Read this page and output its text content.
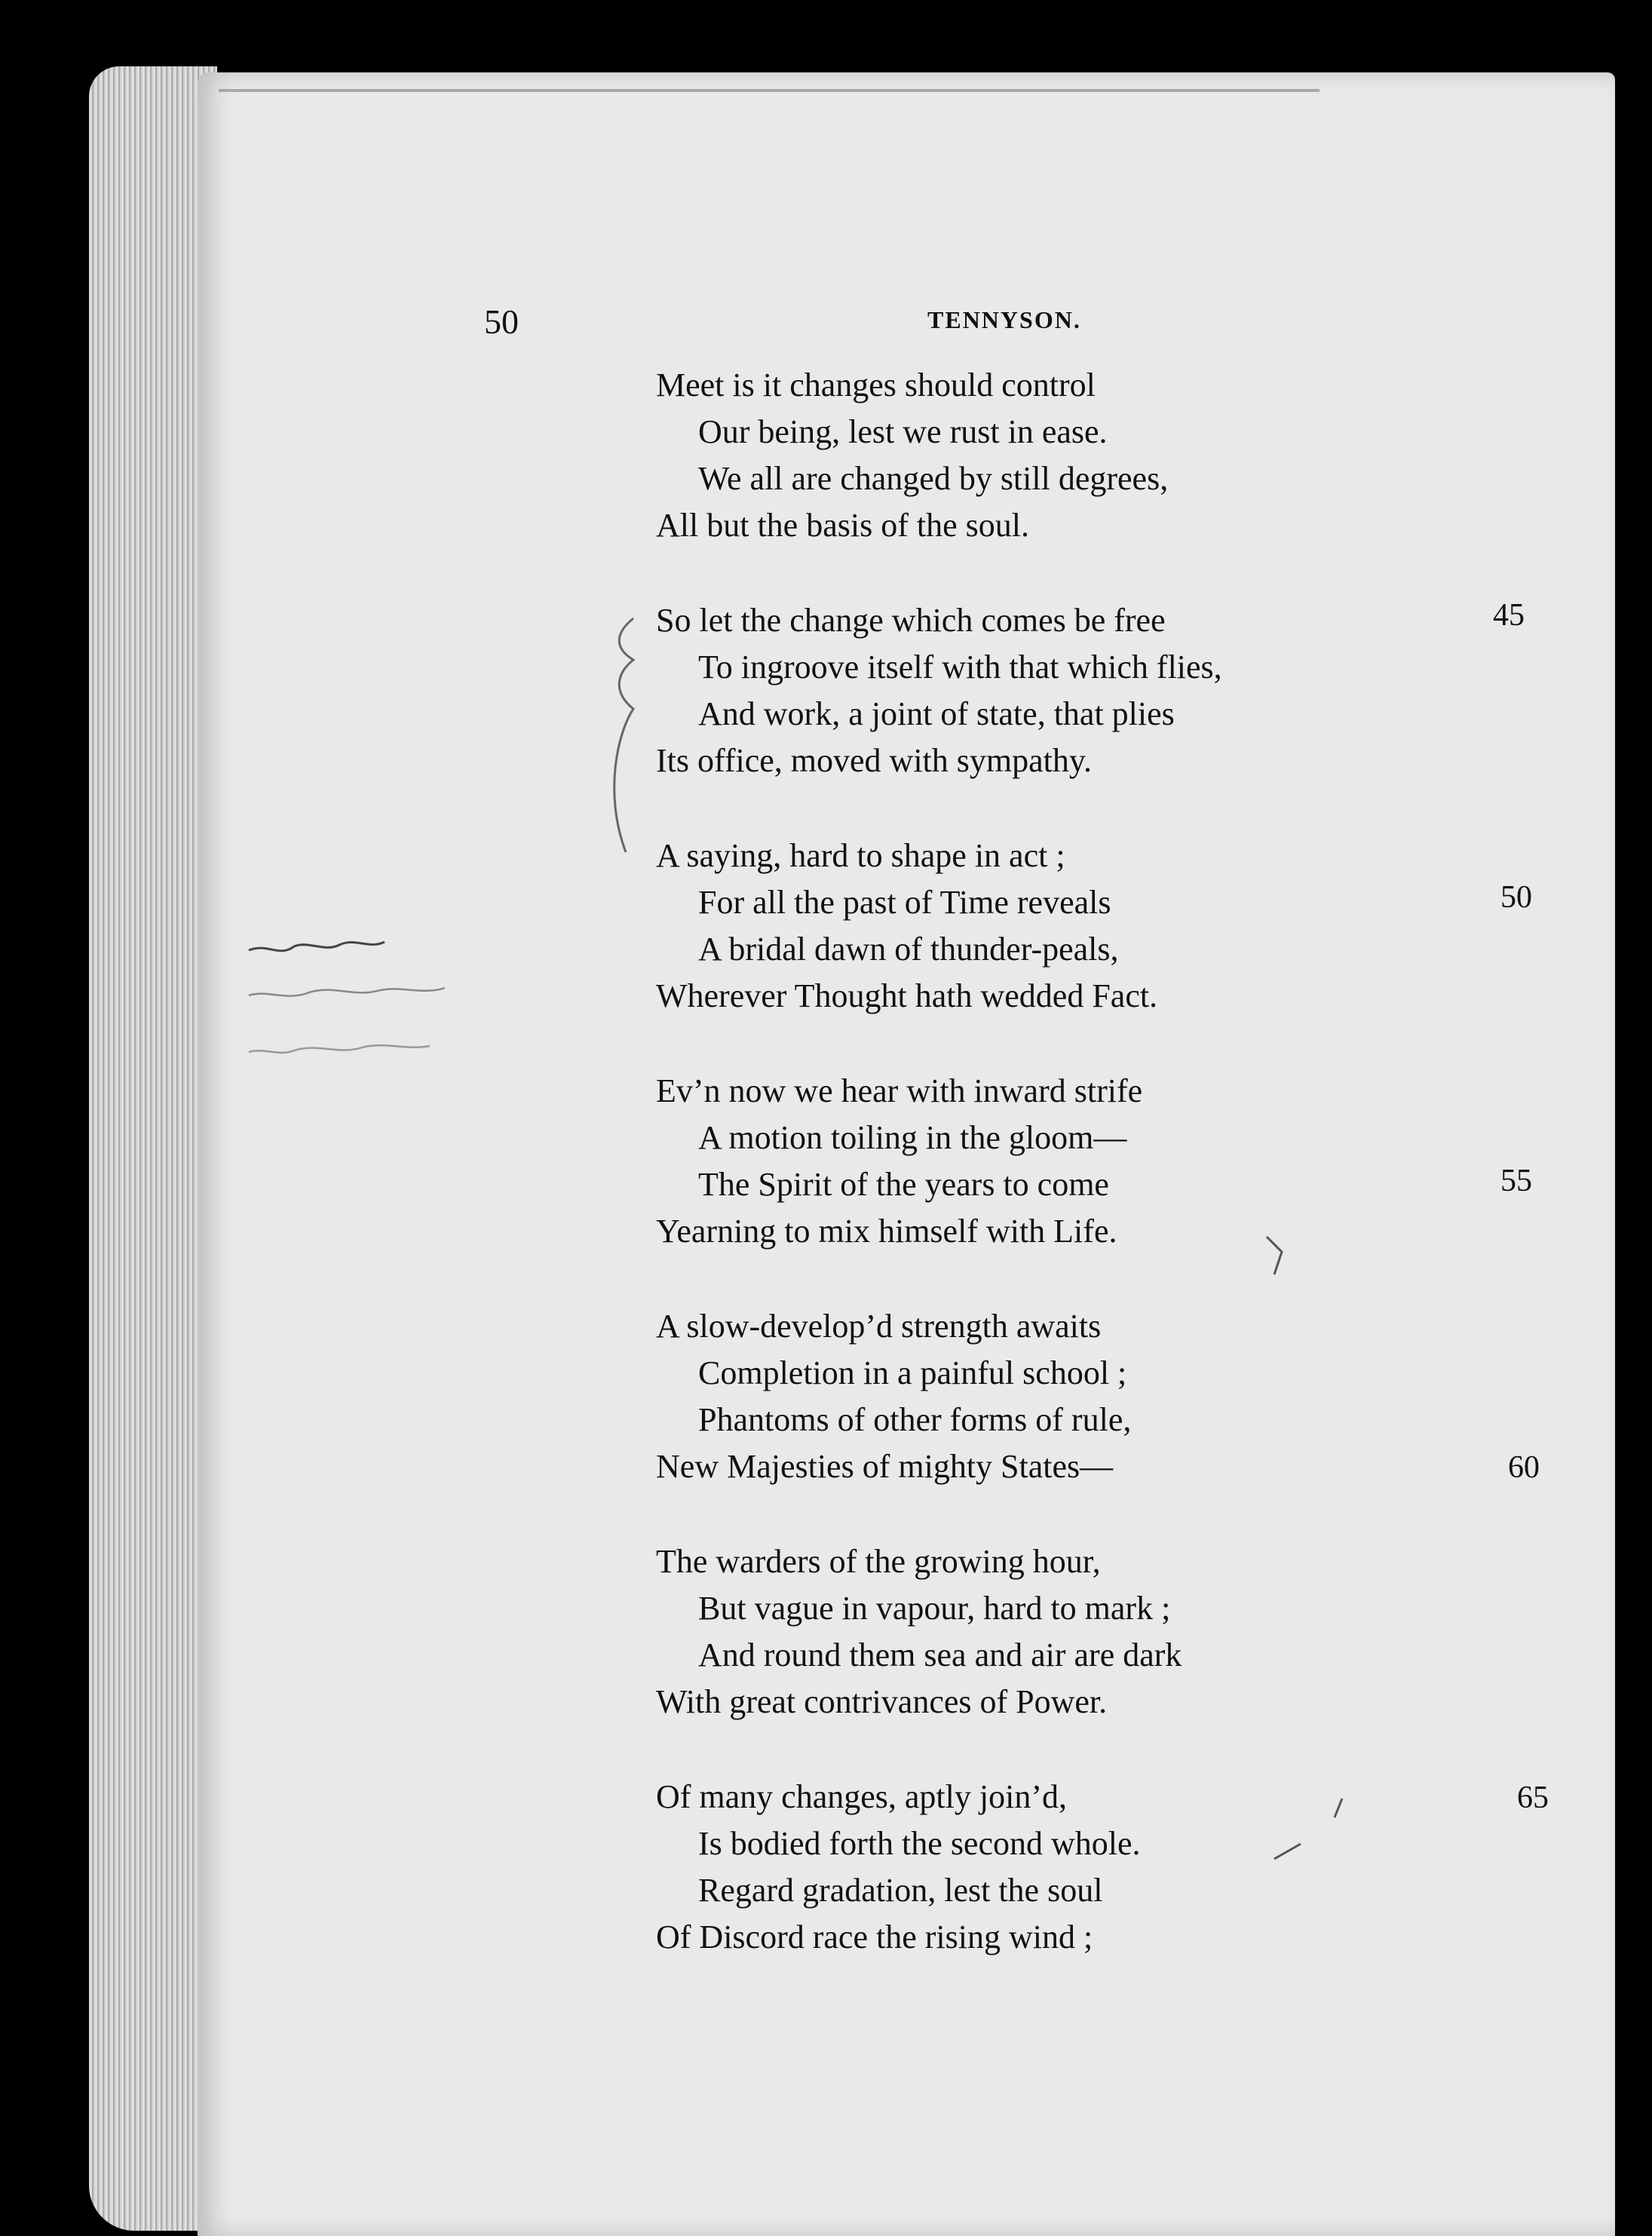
50	TENNYSON.
Meet is it changes should control
Our being, lest we rust in ease.
We all are changed by still degrees,
All but the basis of the soul.
So let the change which comes be free
To ingroove itself with that which flies,
And work, a joint of state, that plies
Its office, moved with sympathy.
A saying, hard to shape in act ;
For all the past of Time reveals
A bridal dawn of thunder-peals,
Wherever Thought hath wedded Fact.
Ev’n now we hear with inward strife
A motion toiling in the gloom—
The Spirit of the years to come
Yearning to mix himself with Life.
A slow-develop’d strength awaits
Completion in a painful school ;
Phantoms of other forms of rule,
New Majesties of mighty States—
The warders of the growing hour,
But vague in vapour, hard to mark ;
And round them sea and air are dark
With great contrivances of Power.
Of many changes, aptly join’d,
Is bodied forth the second whole.
Regard gradation, lest the soul
Of Discord race the rising wind ;
45
50
55
60
65
